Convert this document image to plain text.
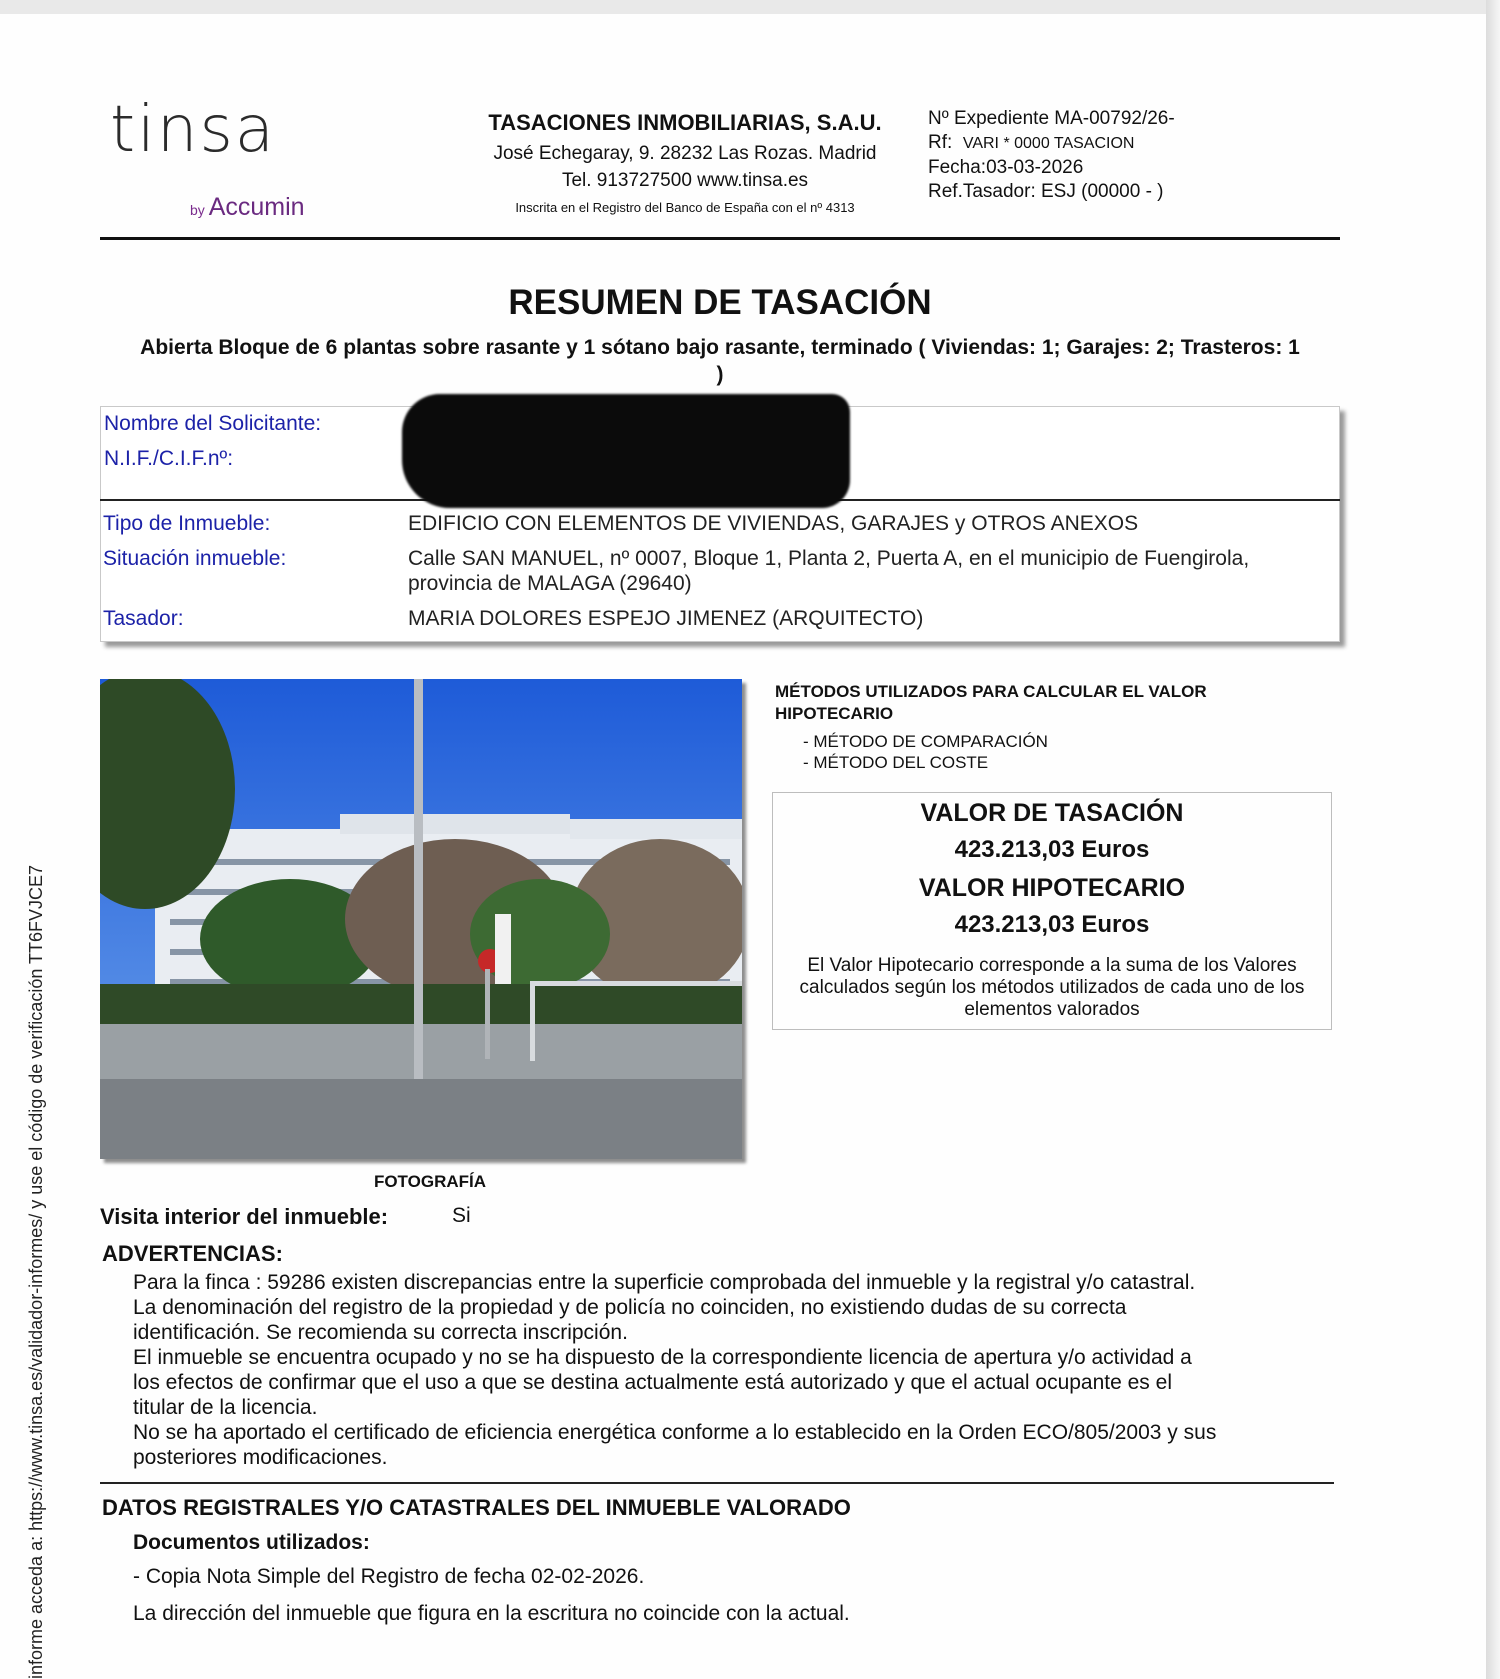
tinsa
by Accumin
TASACIONES INMOBILIARIAS, S.A.U.
José Echegaray, 9. 28232 Las Rozas. Madrid
Tel. 913727500 www.tinsa.es
Inscrita en el Registro del Banco de España con el nº 4313
Nº Expediente MA-00792/26-
Rf: VARI * 0000 TASACION
Fecha:03-03-2026
Ref.Tasador: ESJ (00000 - )
RESUMEN DE TASACIÓN
Abierta Bloque de 6 plantas sobre rasante y 1 sótano bajo rasante, terminado ( Viviendas: 1; Garajes: 2; Trasteros: 1 )
Nombre del Solicitante:
N.I.F./C.I.F.nº:
Tipo de Inmueble:	EDIFICIO CON ELEMENTOS DE VIVIENDAS, GARAJES y OTROS ANEXOS
Situación inmueble:	Calle SAN MANUEL, nº 0007, Bloque 1, Planta 2, Puerta A, en el municipio de Fuengirola,
provincia de MALAGA (29640)
Tasador:	MARIA DOLORES ESPEJO JIMENEZ (ARQUITECTO)
FOTOGRAFÍA
MÉTODOS UTILIZADOS PARA CALCULAR EL VALOR HIPOTECARIO
- MÉTODO DE COMPARACIÓN
- MÉTODO DEL COSTE
VALOR DE TASACIÓN
423.213,03 Euros
VALOR HIPOTECARIO
423.213,03 Euros
El Valor Hipotecario corresponde a la suma de los Valores calculados según los métodos utilizados de cada uno de los elementos valorados
Visita interior del inmueble:	Si
ADVERTENCIAS:
Para la finca : 59286 existen discrepancias entre la superficie comprobada del inmueble y la registral y/o catastral.
La denominación del registro de la propiedad y de policía no coinciden, no existiendo dudas de su correcta
identificación. Se recomienda su correcta inscripción.
El inmueble se encuentra ocupado y no se ha dispuesto de la correspondiente licencia de apertura y/o actividad a
los efectos de confirmar que el uso a que se destina actualmente está autorizado y que el actual ocupante es el
titular de la licencia.
No se ha aportado el certificado de eficiencia energética conforme a lo establecido en la Orden ECO/805/2003 y sus
posteriores modificaciones.
DATOS REGISTRALES Y/O CATASTRALES DEL INMUEBLE VALORADO
Documentos utilizados:
- Copia Nota Simple del Registro de fecha 02-02-2026.
La dirección del inmueble que figura en la escritura no coincide con la actual.
informe acceda a: https://www.tinsa.es/validador-informes/ y use el código de verificación TT6FVJCE7
